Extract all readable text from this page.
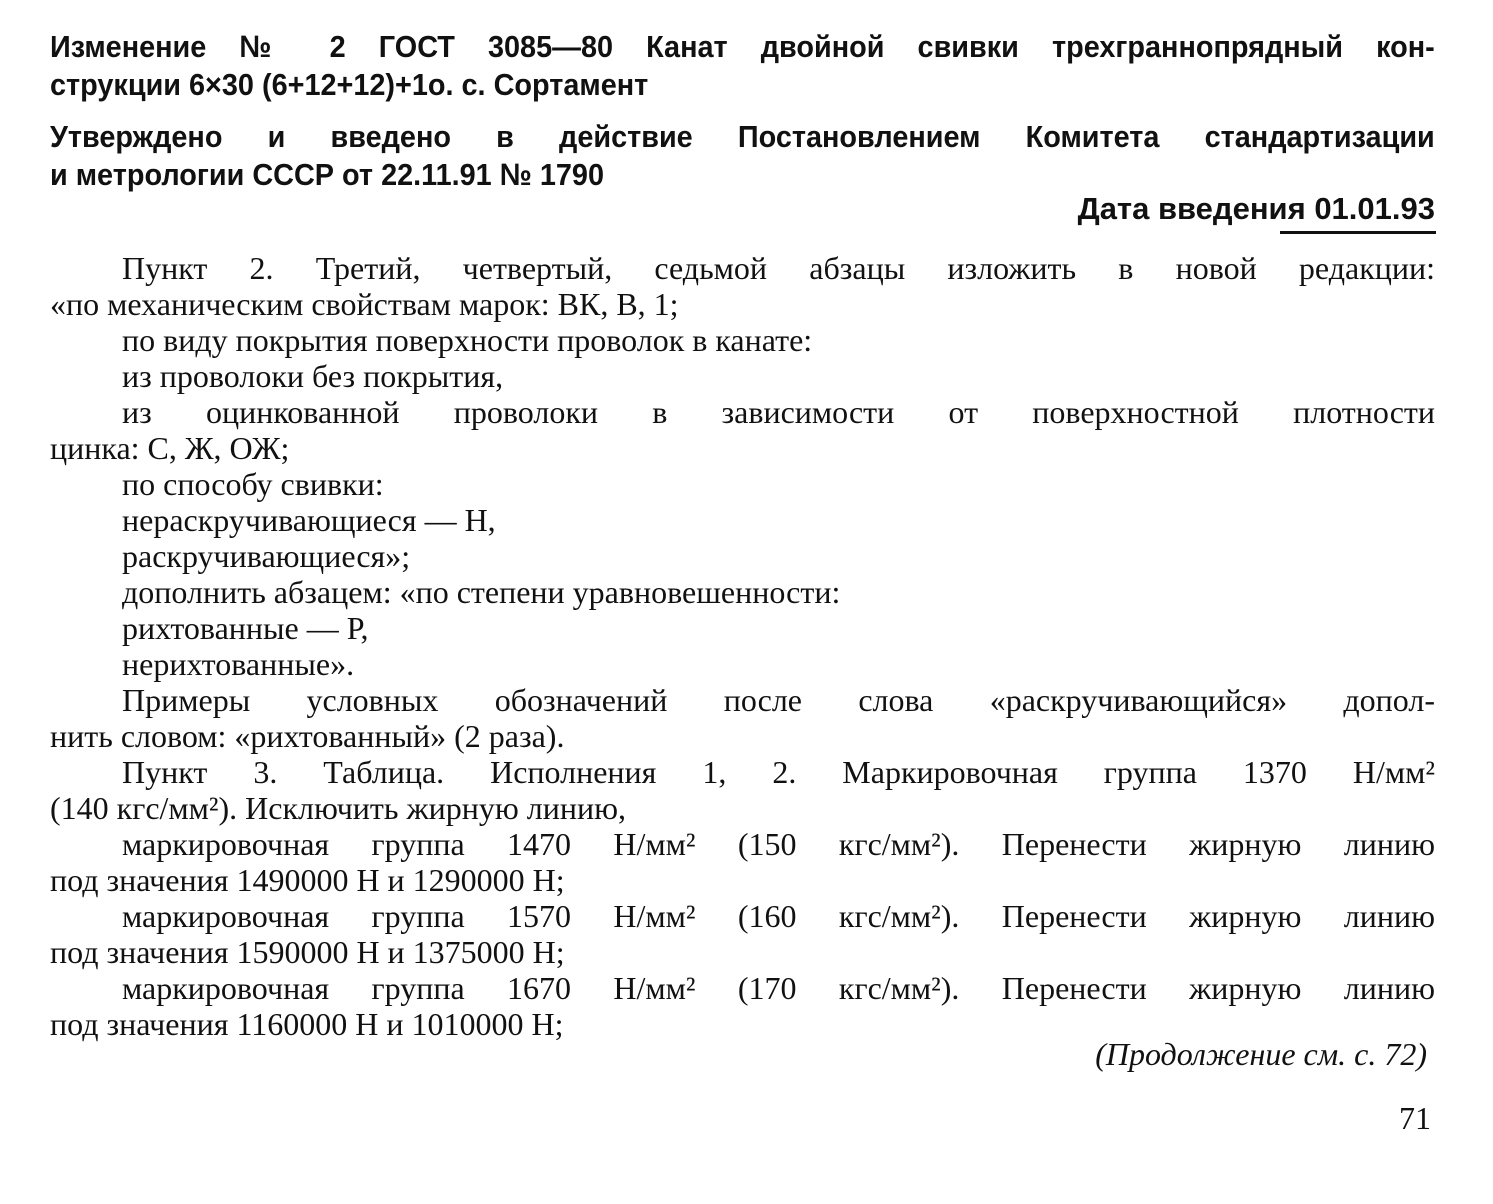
Изменение № 2 ГОСТ 3085—80 Канат двойной свивки трехграннопрядный кон-
струкции 6×30 (6+12+12)+1о. с. Сортамент
Утверждено и введено в действие Постановлением Комитета стандартизации
и метрологии СССР от 22.11.91 № 1790
Дата введения 01.01.93
Пункт 2. Третий, четвертый, седьмой абзацы изложить в новой редакции:
«по механическим свойствам марок: ВК, В, 1;
по виду покрытия поверхности проволок в канате:
из проволоки без покрытия,
из оцинкованной проволоки в зависимости от поверхностной плотности
цинка: С, Ж, ОЖ;
по способу свивки:
нераскручивающиеся — Н,
раскручивающиеся»;
дополнить абзацем: «по степени уравновешенности:
рихтованные — Р,
нерихтованные».
Примеры условных обозначений после слова «раскручивающийся» допол-
нить словом: «рихтованный» (2 раза).
Пункт 3. Таблица. Исполнения 1, 2. Маркировочная группа 1370 Н/мм²
(140 кгс/мм²). Исключить жирную линию,
маркировочная группа 1470 Н/мм² (150 кгс/мм²). Перенести жирную линию
под значения 1490000 Н и 1290000 Н;
маркировочная группа 1570 Н/мм² (160 кгс/мм²). Перенести жирную линию
под значения 1590000 Н и 1375000 Н;
маркировочная группа 1670 Н/мм² (170 кгс/мм²). Перенести жирную линию
под значения 1160000 Н и 1010000 Н;
(Продолжение см. с. 72)
71
